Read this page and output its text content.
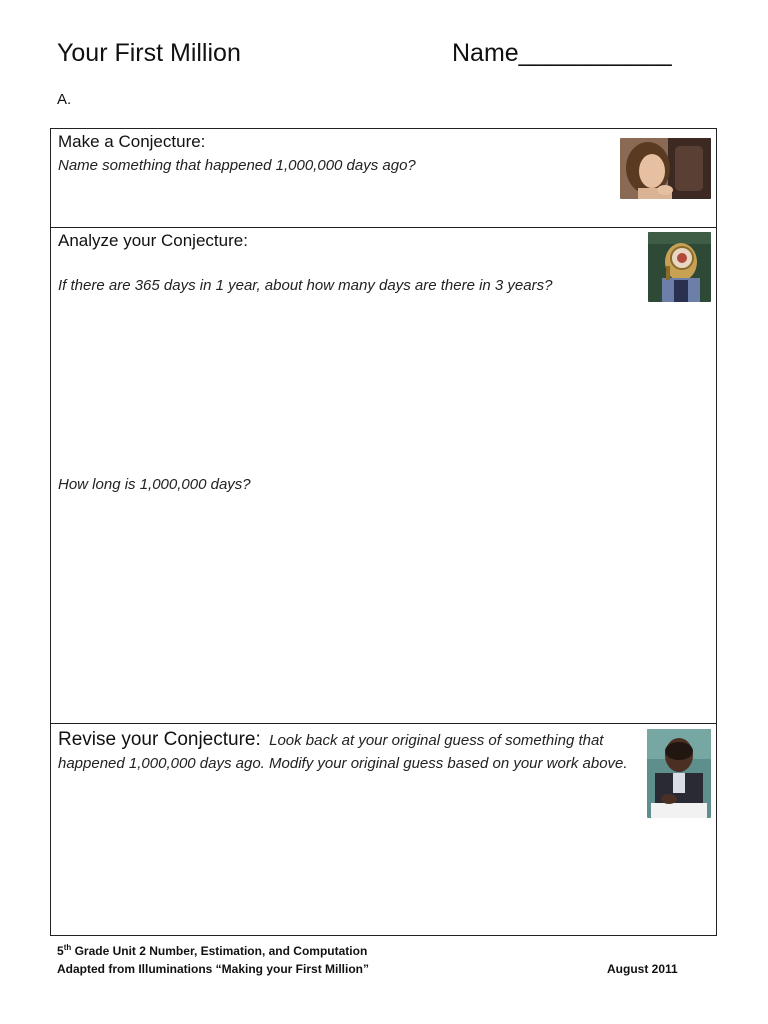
Your First Million	Name___________
A.
Make a Conjecture:
Name something that happened 1,000,000 days ago?
Analyze your Conjecture:
If there are 365 days in 1 year, about how many days are there in 3 years?
How long is 1,000,000 days?
Revise your Conjecture: Look back at your original guess of something that happened 1,000,000 days ago. Modify your original guess based on your work above.
5th Grade Unit 2 Number, Estimation, and Computation
Adapted from Illuminations “Making your First Million”	August 2011
